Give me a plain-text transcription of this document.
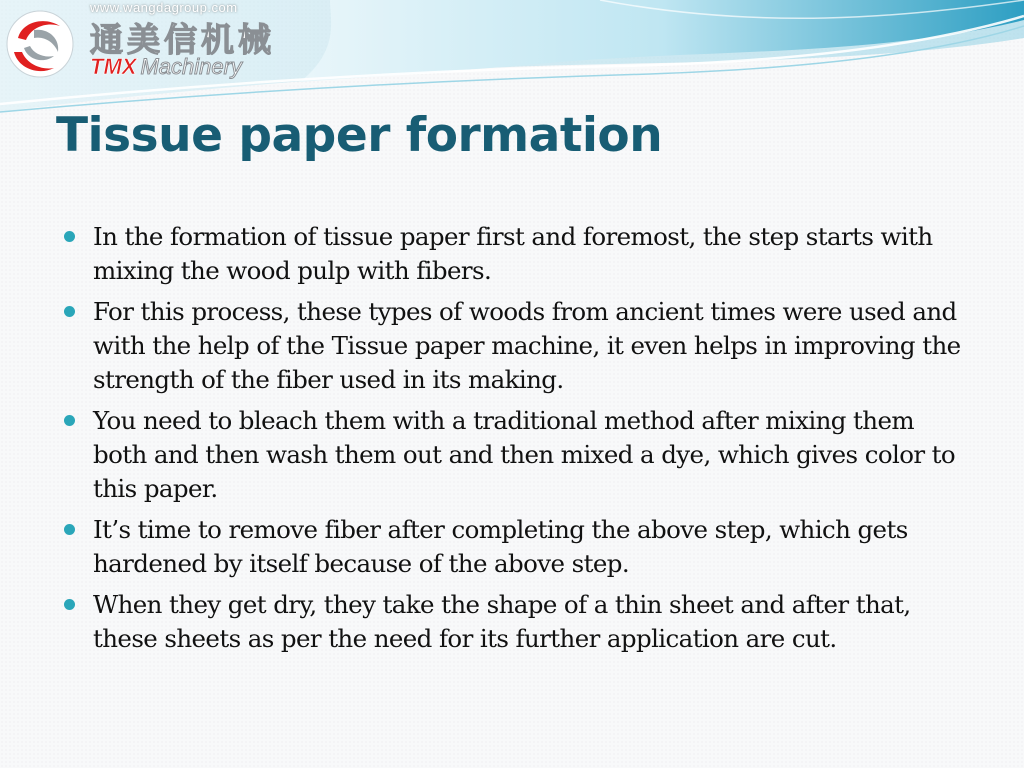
www.wangdagroup.com
通美信机械
TMX Machinery
Tissue paper formation
In the formation of tissue paper first and foremost, the step starts with mixing the wood pulp with fibers.
For this process, these types of woods from ancient times were used and with the help of the Tissue paper machine, it even helps in improving the strength of the fiber used in its making.
You need to bleach them with a traditional method after mixing them both and then wash them out and then mixed a dye, which gives color to this paper.
It’s time to remove fiber after completing the above step, which gets hardened by itself because of the above step.
When they get dry, they take the shape of a thin sheet and after that, these sheets as per the need for its further application are cut.
